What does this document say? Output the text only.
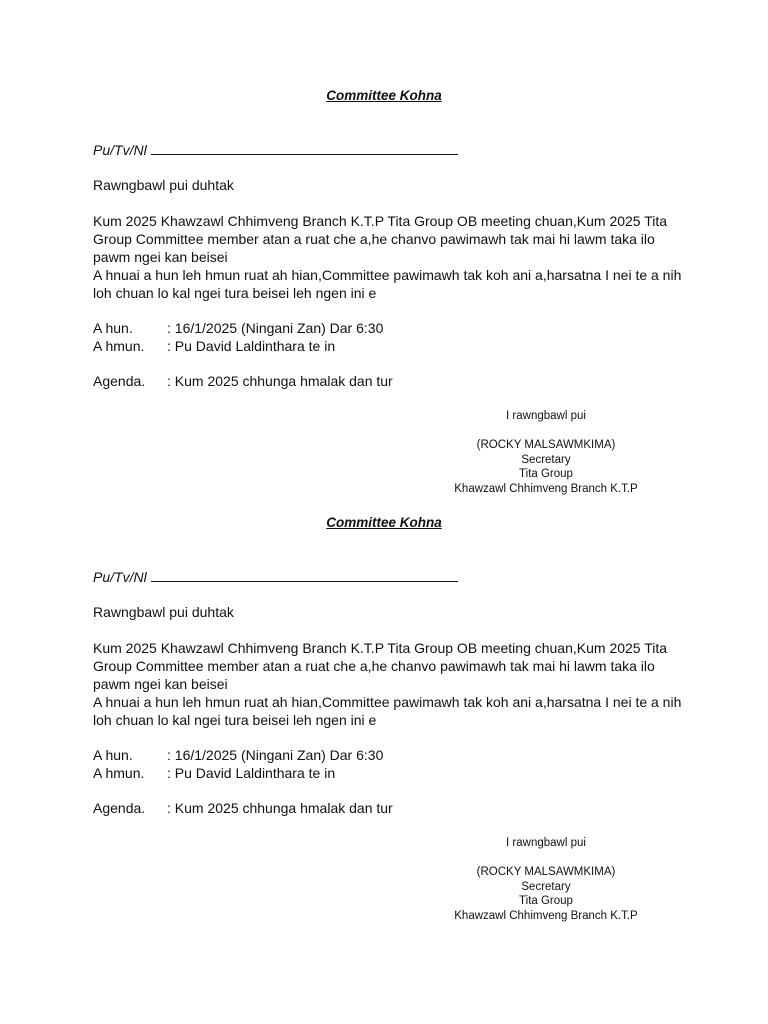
Committee Kohna
Pu/Tv/Nl
Rawngbawl pui duhtak

Kum 2025 Khawzawl Chhimveng Branch K.T.P Tita Group OB meeting chuan,Kum 2025 Tita Group Committee member atan a ruat che a,he chanvo pawimawh tak mai hi lawm taka ilo pawm ngei kan beisei

A hnuai a hun leh hmun ruat ah hian,Committee pawimawh tak koh ani a,harsatna I nei te a nih loh chuan lo kal ngei tura beisei leh ngen ini e

A hun. : 16/1/2025 (Ningani Zan) Dar 6:30
A hmun. : Pu David Laldinthara te in
Agenda. : Kum 2025 chhunga hmalak dan tur
I rawngbawl pui
(ROCKY MALSAWMKIMA)
Secretary
Tita Group
Khawzawl Chhimveng Branch K.T.P
Committee Kohna
Pu/Tv/Nl
Rawngbawl pui duhtak

Kum 2025 Khawzawl Chhimveng Branch K.T.P Tita Group OB meeting chuan,Kum 2025 Tita Group Committee member atan a ruat che a,he chanvo pawimawh tak mai hi lawm taka ilo pawm ngei kan beisei

A hnuai a hun leh hmun ruat ah hian,Committee pawimawh tak koh ani a,harsatna I nei te a nih loh chuan lo kal ngei tura beisei leh ngen ini e

A hun. : 16/1/2025 (Ningani Zan) Dar 6:30
A hmun. : Pu David Laldinthara te in
Agenda. : Kum 2025 chhunga hmalak dan tur
I rawngbawl pui
(ROCKY MALSAWMKIMA)
Secretary
Tita Group
Khawzawl Chhimveng Branch K.T.P
